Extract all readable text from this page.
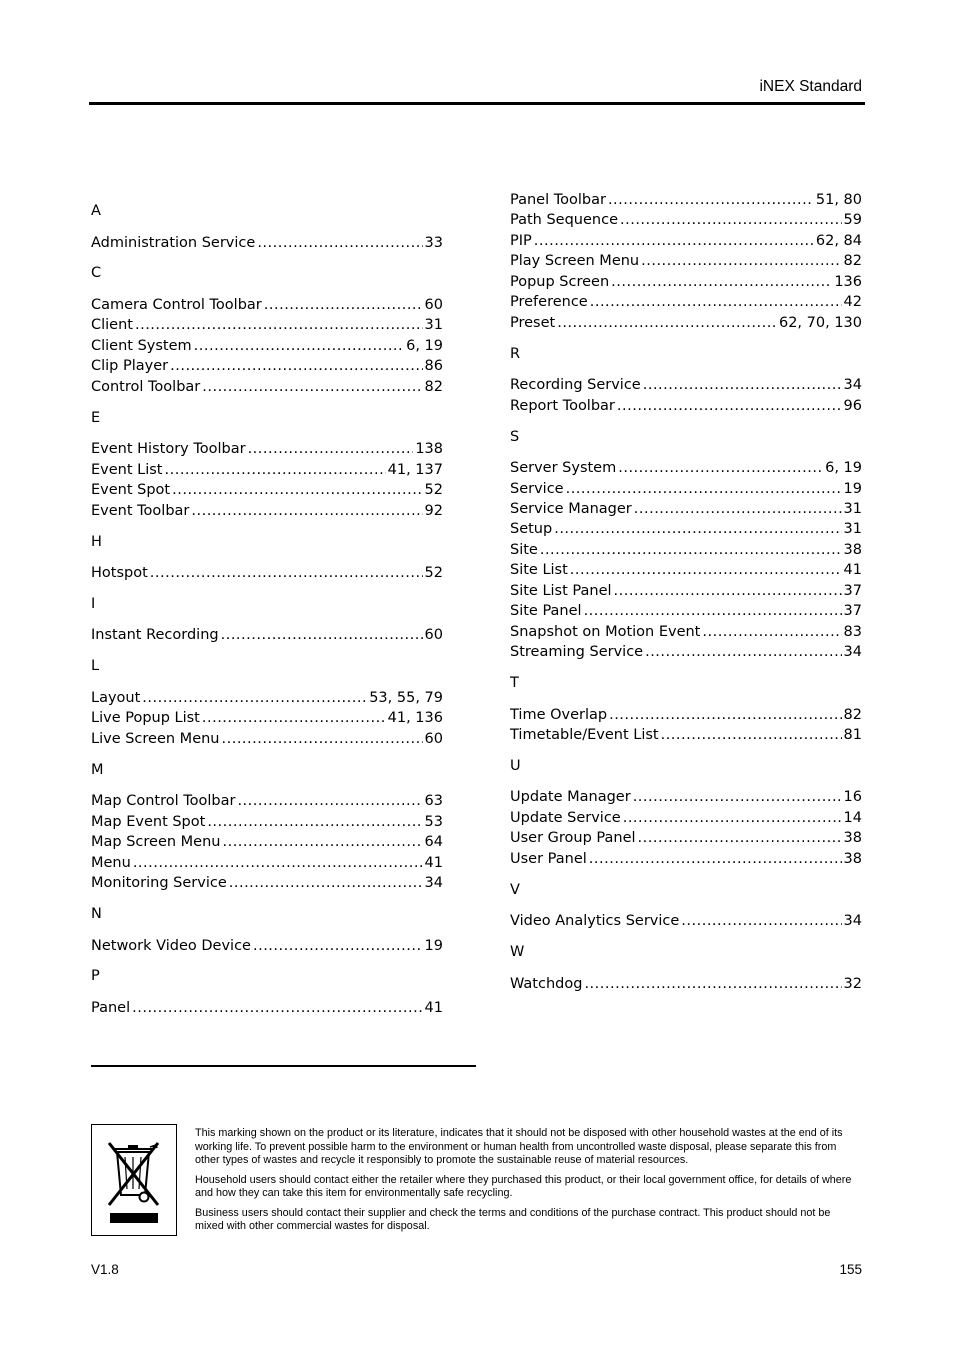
iNEX Standard
A
Administration Service .....	33
C
Camera Control Toolbar .....	60
Client .....	31
Client System .....	6, 19
Clip Player .....	86
Control Toolbar .....	82
E
Event History Toolbar .....	138
Event List .....	41, 137
Event Spot .....	52
Event Toolbar .....	92
H
Hotspot .....	52
I
Instant Recording .....	60
L
Layout .....	53, 55, 79
Live Popup List .....	41, 136
Live Screen Menu .....	60
M
Map Control Toolbar .....	63
Map Event Spot .....	53
Map Screen Menu .....	64
Menu .....	41
Monitoring Service .....	34
N
Network Video Device .....	19
P
Panel .....	41
Panel Toolbar .....	51, 80
Path Sequence .....	59
PIP .....	62, 84
Play Screen Menu .....	82
Popup Screen .....	136
Preference .....	42
Preset .....	62, 70, 130
R
Recording Service .....	34
Report Toolbar .....	96
S
Server System .....	6, 19
Service .....	19
Service Manager .....	31
Setup .....	31
Site .....	38
Site List .....	41
Site List Panel .....	37
Site Panel .....	37
Snapshot on Motion Event .....	83
Streaming Service .....	34
T
Time Overlap .....	82
Timetable/Event List .....	81
U
Update Manager .....	16
Update Service .....	14
User Group Panel .....	38
User Panel .....	38
V
Video Analytics Service .....	34
W
Watchdog .....	32

This marking shown on the product or its literature, indicates that it should not be disposed with other household wastes at the end of its working life. To prevent possible harm to the environment or human health from uncontrolled waste disposal, please separate this from other types of wastes and recycle it responsibly to promote the sustainable reuse of material resources.

Household users should contact either the retailer where they purchased this product, or their local government office, for details of where and how they can take this item for environmentally safe recycling.

Business users should contact their supplier and check the terms and conditions of the purchase contract. This product should not be mixed with other commercial wastes for disposal.

V1.8	155
